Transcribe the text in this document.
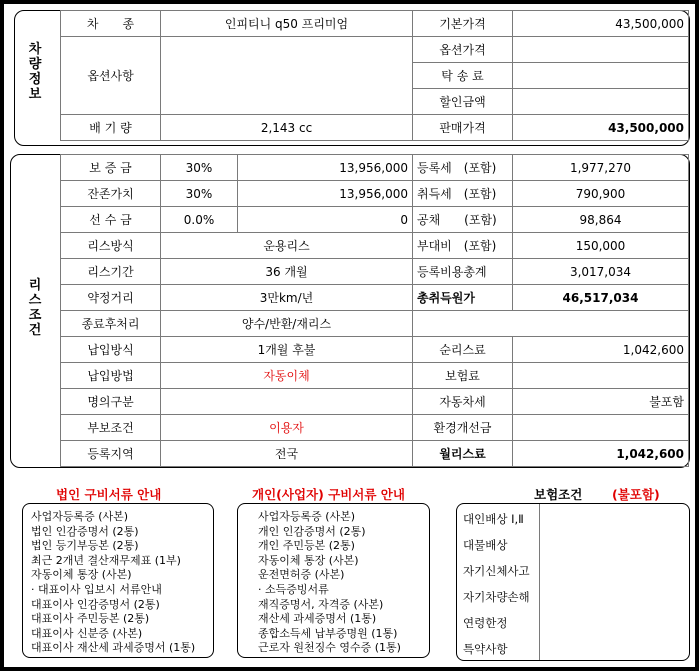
차
량
정
보
차　　종	인피티니 q50 프리미엄	기본가격	43,500,000
옵션사항		옵션가격	
		탁 송 료	
		할인금액	
배 기 량	2,143 cc	판매가격	43,500,000
리
스
조
건
보 증 금	30%	13,956,000	등록세　(포함)	1,977,270
잔존가치	30%	13,956,000	취득세　(포함)	790,900
선 수 금	0.0%	0	공채　　(포함)	98,864
리스방식	운용리스		부대비　(포함)	150,000
리스기간	36 개월		등록비용총계	3,017,034
약정거리	3만km/년		총취득원가	46,517,034
종료후처리	양수/반환/재리스			
납입방식	1개월 후불		순리스료	1,042,600
납입방법	자동이체		보험료	
명의구분			자동차세	불포함
부보조건	이용자		환경개선금	
등록지역	전국		월리스료	1,042,600
법인 구비서류 안내	개인(사업자) 구비서류 안내	보험조건 (불포함)
사업자등록증 (사본)
법인 인감증명서 (2통)
법인 등기부등본 (2통)
최근 2개년 결산재무제표 (1부)
자동이체 통장 (사본)
· 대표이사 입보시 서류안내
대표이사 인감증명서 (2통)
대표이사 주민등본 (2통)
대표이사 신분증 (사본)
대표이사 재산세 과세증명서 (1통)
사업자등록증 (사본)
개인 인감증명서 (2통)
개인 주민등본 (2통)
자동이체 통장 (사본)
운전면허증 (사본)
· 소득증빙서류
재직증명서, 자격증 (사본)
재산세 과세증명서 (1통)
종합소득세 납부증명원 (1통)
근로자 원천징수 영수증 (1통)
대인배상 Ⅰ,Ⅱ
대물배상
자기신체사고
자기차량손해
연령한정
특약사항
